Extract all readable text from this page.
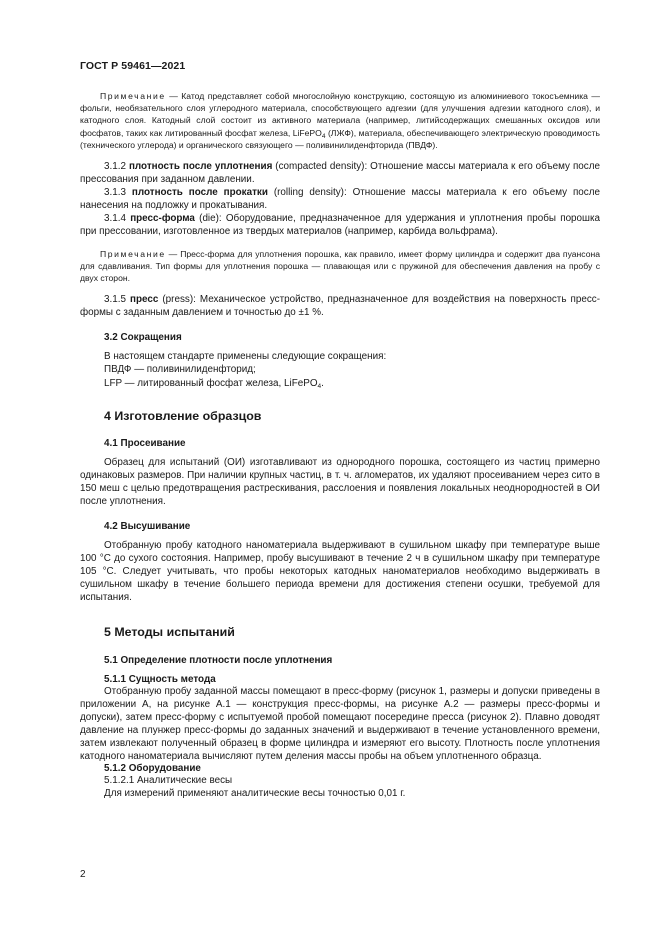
ГОСТ Р 59461—2021

Примечание — Катод представляет собой многослойную конструкцию, состоящую из алюминиевого токосъемника — фольги, необязательного слоя углеродного материала, способствующего адгезии (для улучшения адгезии катодного слоя), и катодного слоя. Катодный слой состоит из активного материала (например, литийсодержащих смешанных оксидов или фосфатов, таких как литированный фосфат железа, LiFePO$_4$ (ЛЖФ), материала, обеспечивающего электрическую проводимость (технического углерода) и органического связующего — поливинилиденфторида (ПВДФ).

3.1.2 плотность после уплотнения (compacted density): Отношение массы материала к его объему после прессования при заданном давлении.

3.1.3 плотность после прокатки (rolling density): Отношение массы материала к его объему после нанесения на подложку и прокатывания.

3.1.4 пресс-форма (die): Оборудование, предназначенное для удержания и уплотнения пробы порошка при прессовании, изготовленное из твердых материалов (например, карбида вольфрама).

Примечание — Пресс-форма для уплотнения порошка, как правило, имеет форму цилиндра и содержит два пуансона для сдавливания. Тип формы для уплотнения порошка — плавающая или с пружиной для обеспечения давления на пробу с двух сторон.

3.1.5 пресс (press): Механическое устройство, предназначенное для воздействия на поверхность пресс-формы с заданным давлением и точностью до ±1 %.

3.2 Сокращения

В настоящем стандарте применены следующие сокращения:

ПВДФ — поливинилиденфторид;

LFP — литированный фосфат железа, LiFePO$_4$.

4 Изготовление образцов

4.1 Просеивание

Образец для испытаний (ОИ) изготавливают из однородного порошка, состоящего из частиц примерно одинаковых размеров. При наличии крупных частиц, в т. ч. агломератов, их удаляют просеиванием через сито в 150 меш с целью предотвращения растрескивания, расслоения и появления локальных неоднородностей в ОИ после уплотнения.

4.2 Высушивание

Отобранную пробу катодного наноматериала выдерживают в сушильном шкафу при температуре выше 100 °С до сухого состояния. Например, пробу высушивают в течение 2 ч в сушильном шкафу при температуре 105 °С. Следует учитывать, что пробы некоторых катодных наноматериалов необходимо выдерживать в сушильном шкафу в течение большего периода времени для достижения степени осушки, требуемой для испытания.

5 Методы испытаний

5.1 Определение плотности после уплотнения

5.1.1 Сущность метода

Отобранную пробу заданной массы помещают в пресс-форму (рисунок 1, размеры и допуски приведены в приложении А, на рисунке А.1 — конструкция пресс-формы, на рисунке А.2 — размеры пресс-формы и допуски), затем пресс-форму с испытуемой пробой помещают посередине пресса (рисунок 2). Плавно доводят давление на плунжер пресс-формы до заданных значений и выдерживают в течение установленного времени, затем извлекают полученный образец в форме цилиндра и измеряют его высоту. Плотность после уплотнения катодного наноматериала вычисляют путем деления массы пробы на объем уплотненного образца.

5.1.2 Оборудование

5.1.2.1 Аналитические весы

Для измерений применяют аналитические весы точностью 0,01 г.

2
